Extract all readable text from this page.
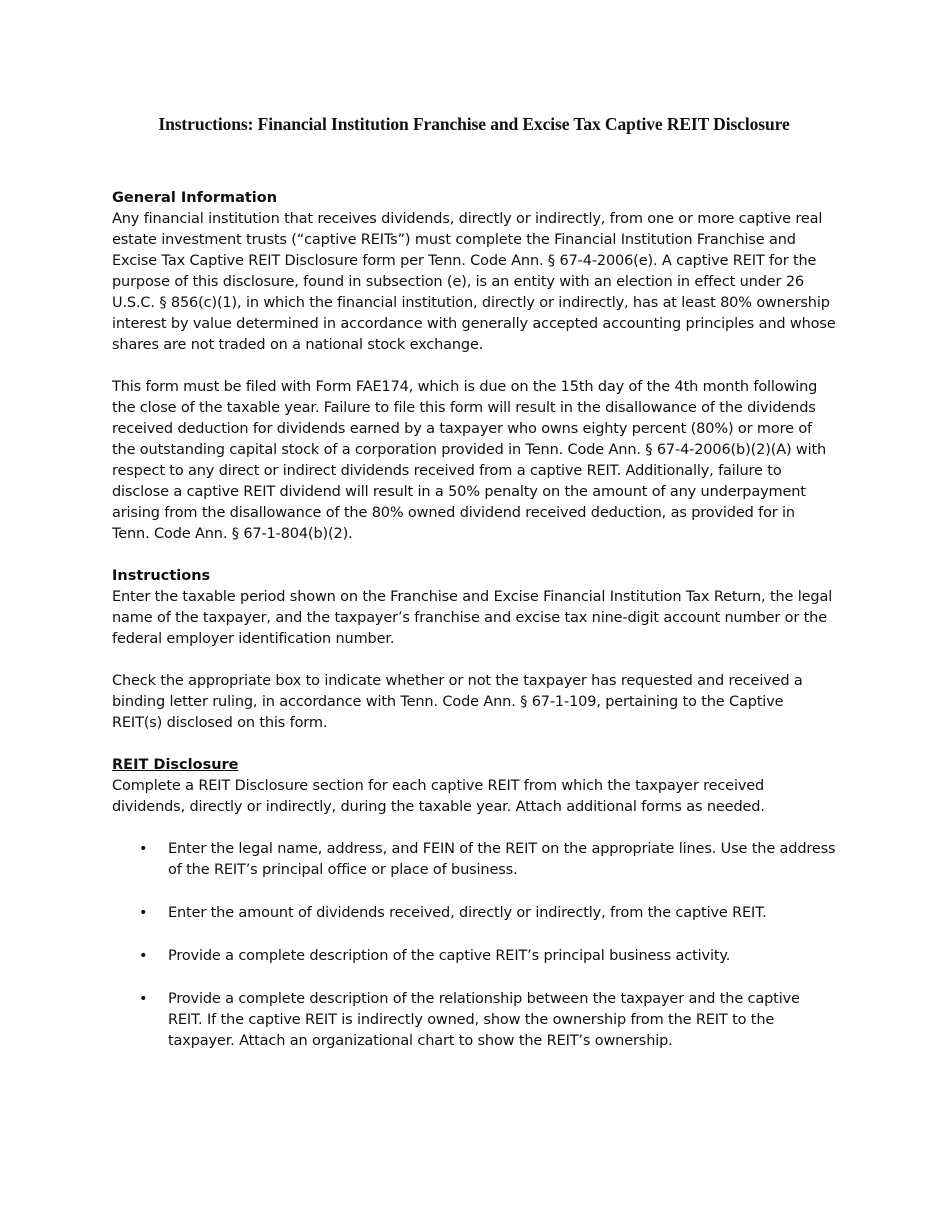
Instructions: Financial Institution Franchise and Excise Tax Captive REIT Disclosure
General Information

Any financial institution that receives dividends, directly or indirectly, from one or more captive real estate investment trusts (“captive REITs”) must complete the Financial Institution Franchise and Excise Tax Captive REIT Disclosure form per Tenn. Code Ann. § 67-4-2006(e). A captive REIT for the purpose of this disclosure, found in subsection (e), is an entity with an election in effect under 26 U.S.C. § 856(c)(1), in which the financial institution, directly or indirectly, has at least 80% ownership interest by value determined in accordance with generally accepted accounting principles and whose shares are not traded on a national stock exchange.

This form must be filed with Form FAE174, which is due on the 15th day of the 4th month following the close of the taxable year. Failure to file this form will result in the disallowance of the dividends received deduction for dividends earned by a taxpayer who owns eighty percent (80%) or more of the outstanding capital stock of a corporation provided in Tenn. Code Ann. § 67-4-2006(b)(2)(A) with respect to any direct or indirect dividends received from a captive REIT. Additionally, failure to disclose a captive REIT dividend will result in a 50% penalty on the amount of any underpayment arising from the disallowance of the 80% owned dividend received deduction, as provided for in Tenn. Code Ann. § 67-1-804(b)(2).

Instructions

Enter the taxable period shown on the Franchise and Excise Financial Institution Tax Return, the legal name of the taxpayer, and the taxpayer’s franchise and excise tax nine-digit account number or the federal employer identification number.

Check the appropriate box to indicate whether or not the taxpayer has requested and received a binding letter ruling, in accordance with Tenn. Code Ann. § 67-1-109, pertaining to the Captive REIT(s) disclosed on this form.

REIT Disclosure

Complete a REIT Disclosure section for each captive REIT from which the taxpayer received dividends, directly or indirectly, during the taxable year. Attach additional forms as needed.

• Enter the legal name, address, and FEIN of the REIT on the appropriate lines. Use the address of the REIT’s principal office or place of business.
• Enter the amount of dividends received, directly or indirectly, from the captive REIT.
• Provide a complete description of the captive REIT’s principal business activity.
• Provide a complete description of the relationship between the taxpayer and the captive REIT. If the captive REIT is indirectly owned, show the ownership from the REIT to the taxpayer. Attach an organizational chart to show the REIT’s ownership.
